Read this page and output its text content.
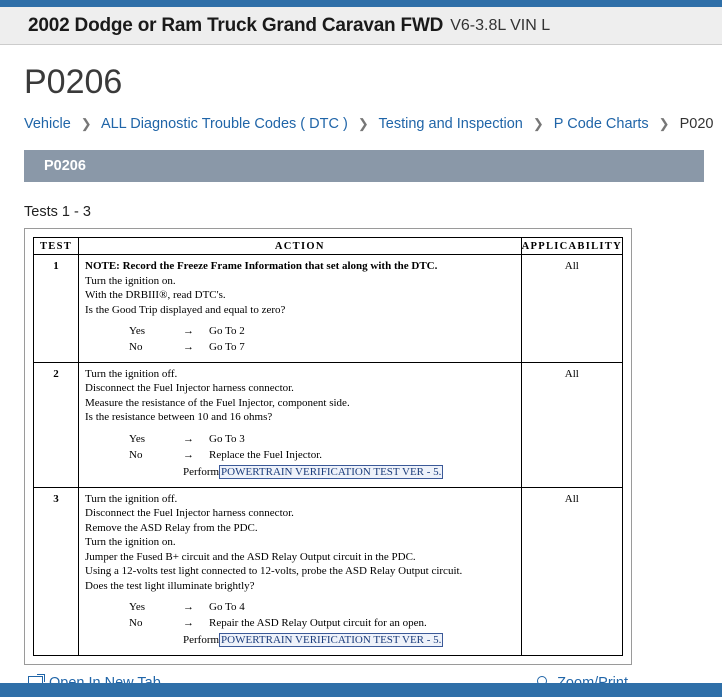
2002 Dodge or Ram Truck Grand Caravan FWD V6-3.8L VIN L
P0206
Vehicle ❯ ALL Diagnostic Trouble Codes ( DTC ) ❯ Testing and Inspection ❯ P Code Charts ❯ P020
P0206
Tests 1 - 3
TEST	ACTION	APPLICABILITY
1	NOTE: Record the Freeze Frame Information that set along with the DTC.
Turn the ignition on.
With the DRBIII®, read DTC's.
Is the Good Trip displayed and equal to zero?
Yes	→ Go To 2
No	→ Go To 7
	All
2	Turn the ignition off.
Disconnect the Fuel Injector harness connector.
Measure the resistance of the Fuel Injector, component side.
Is the resistance between 10 and 16 ohms?
Yes	→ Go To 3
No	→ Replace the Fuel Injector.
Perform POWERTRAIN VERIFICATION TEST VER - 5.
	All
3	Turn the ignition off.
Disconnect the Fuel Injector harness connector.
Remove the ASD Relay from the PDC.
Turn the ignition on.
Jumper the Fused B+ circuit and the ASD Relay Output circuit in the PDC.
Using a 12-volts test light connected to 12-volts, probe the ASD Relay Output circuit.
Does the test light illuminate brightly?
Yes	→ Go To 4
No	→ Repair the ASD Relay Output circuit for an open.
Perform POWERTRAIN VERIFICATION TEST VER - 5.
	All
